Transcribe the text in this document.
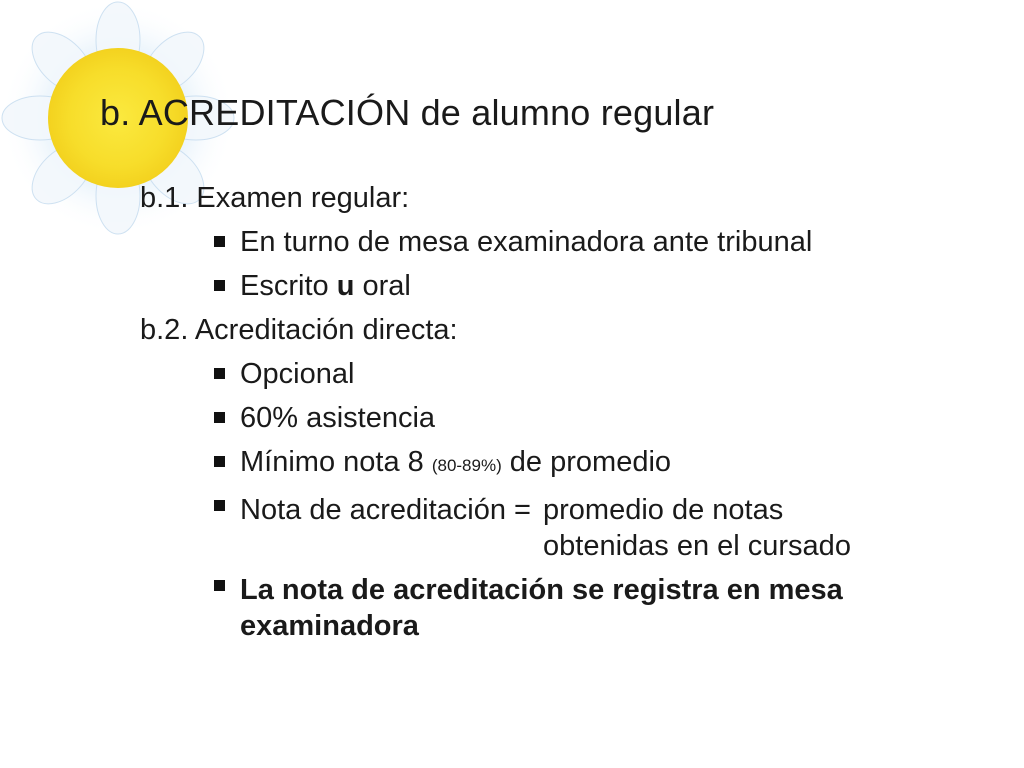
b. ACREDITACIÓN de alumno regular
b.1. Examen regular:
En turno de mesa examinadora ante tribunal
Escrito u oral
b.2. Acreditación directa:
Opcional
60% asistencia
Mínimo nota 8 (80-89%) de promedio
Nota de acreditación = promedio de notas
obtenidas en el cursado
La nota de acreditación se registra en mesa examinadora
